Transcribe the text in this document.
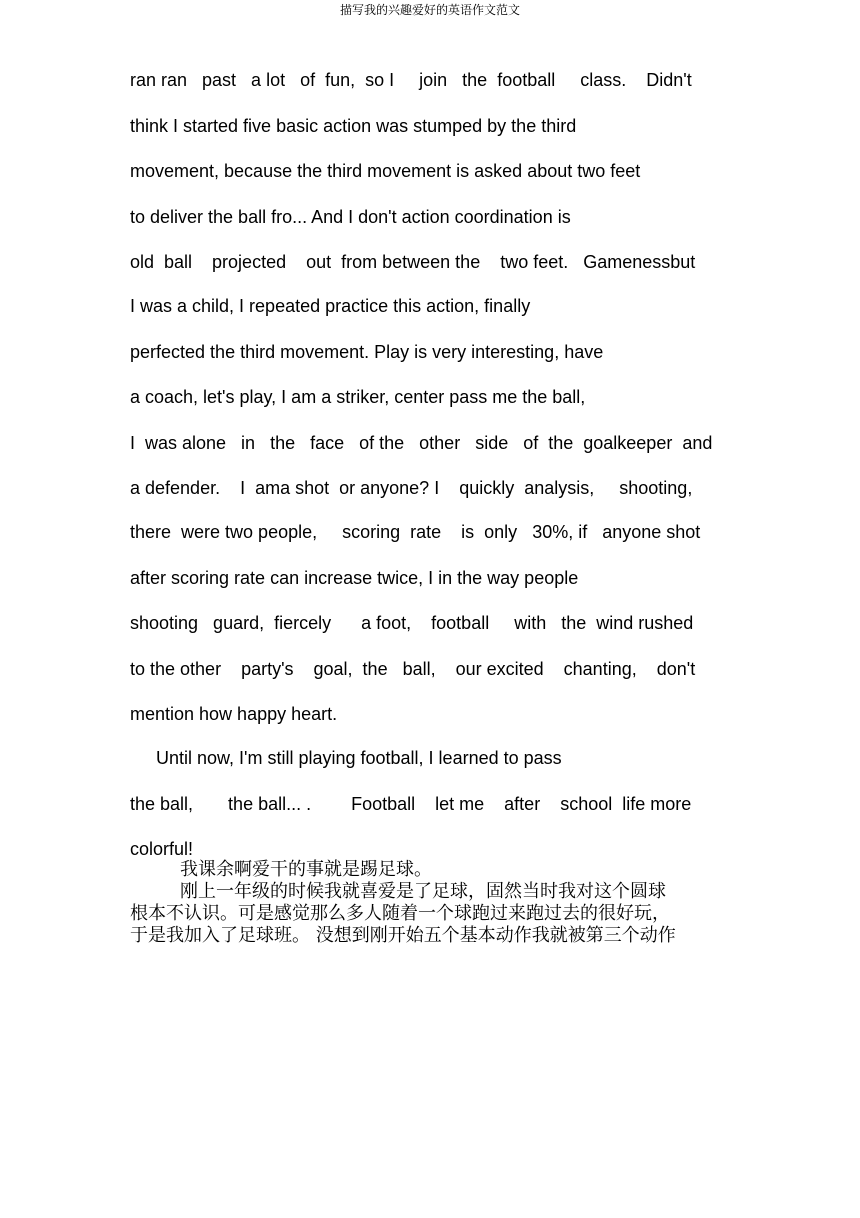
描写我的兴趣爱好的英语作文范文
ran ran   past   a lot   of  fun,  so I     join   the  football     class.    Didn't
think I started five basic action was stumped by the third
movement, because the third movement is asked about two feet
to deliver the ball fro... And I don't action coordination is
old  ball    projected    out  from between the    two feet.   Gamenessbut
I was a child, I repeated practice this action, finally
perfected the third movement. Play is very interesting, have
a coach, let's play, I am a striker, center pass me the ball,
I  was alone   in   the   face   of the   other   side   of  the  goalkeeper  and
a defender.    I  ama shot  or anyone? I    quickly  analysis,     shooting,
there  were two people,     scoring  rate    is  only   30%, if   anyone shot
after scoring rate can increase twice, I in the way people
shooting   guard,  fiercely      a foot,    football     with   the  wind rushed
to the other    party's    goal,  the   ball,    our excited    chanting,    don't
mention how happy heart.
Until now, I'm still playing football, I learned to pass
the ball,       the ball... .        Football    let me    after    school  life more
colorful!
我课余啊爱干的事就是踢足球。
刚上一年级的时候我就喜爱是了足球，固然当时我对这个圆球
根本不认识。可是感觉那么多人随着一个球跑过来跑过去的很好玩，
于是我加入了足球班。 没想到刚开始五个基本动作我就被第三个动作
